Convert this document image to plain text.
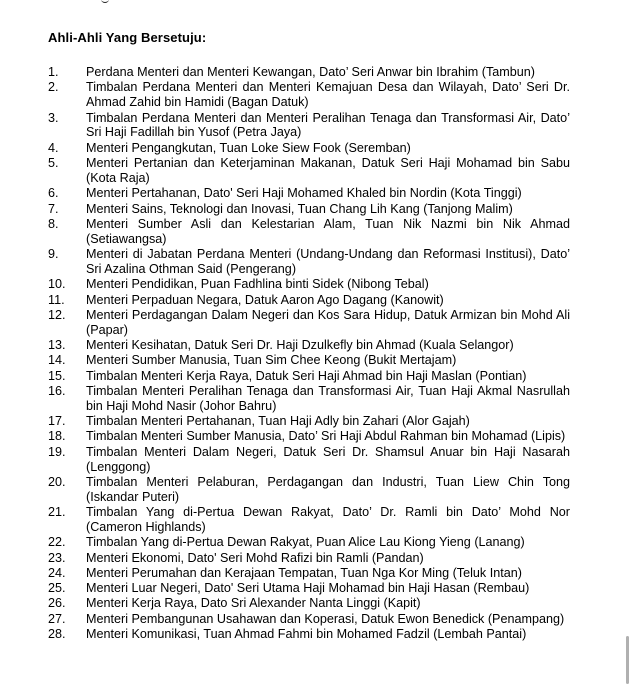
Ahli-Ahli Yang Bersetuju:
1.	Perdana Menteri dan Menteri Kewangan, Dato’ Seri Anwar bin Ibrahim (Tambun)
2.	Timbalan Perdana Menteri dan Menteri Kemajuan Desa dan Wilayah, Dato’ Seri Dr. Ahmad Zahid bin Hamidi (Bagan Datuk)
3.	Timbalan Perdana Menteri dan Menteri Peralihan Tenaga dan Transformasi Air, Dato’ Sri Haji Fadillah bin Yusof (Petra Jaya)
4.	Menteri Pengangkutan, Tuan Loke Siew Fook (Seremban)
5.	Menteri Pertanian dan Keterjaminan Makanan, Datuk Seri Haji Mohamad bin Sabu (Kota Raja)
6.	Menteri Pertahanan, Dato' Seri Haji Mohamed Khaled bin Nordin (Kota Tinggi)
7.	Menteri Sains, Teknologi dan Inovasi, Tuan Chang Lih Kang (Tanjong Malim)
8.	Menteri Sumber Asli dan Kelestarian Alam, Tuan Nik Nazmi bin Nik Ahmad (Setiawangsa)
9.	Menteri di Jabatan Perdana Menteri (Undang-Undang dan Reformasi Institusi), Dato’ Sri Azalina Othman Said (Pengerang)
10.	Menteri Pendidikan, Puan Fadhlina binti Sidek (Nibong Tebal)
11.	Menteri Perpaduan Negara, Datuk Aaron Ago Dagang (Kanowit)
12.	Menteri Perdagangan Dalam Negeri dan Kos Sara Hidup, Datuk Armizan bin Mohd Ali (Papar)
13.	Menteri Kesihatan, Datuk Seri Dr. Haji Dzulkefly bin Ahmad (Kuala Selangor)
14.	Menteri Sumber Manusia, Tuan Sim Chee Keong (Bukit Mertajam)
15.	Timbalan Menteri Kerja Raya, Datuk Seri Haji Ahmad bin Haji Maslan (Pontian)
16.	Timbalan Menteri Peralihan Tenaga dan Transformasi Air, Tuan Haji Akmal Nasrullah bin Haji Mohd Nasir (Johor Bahru)
17.	Timbalan Menteri Pertahanan, Tuan Haji Adly bin Zahari (Alor Gajah)
18.	Timbalan Menteri Sumber Manusia, Dato’ Sri Haji Abdul Rahman bin Mohamad (Lipis)
19.	Timbalan Menteri Dalam Negeri, Datuk Seri Dr. Shamsul Anuar bin Haji Nasarah (Lenggong)
20.	Timbalan Menteri Pelaburan, Perdagangan dan Industri, Tuan Liew Chin Tong (Iskandar Puteri)
21.	Timbalan Yang di-Pertua Dewan Rakyat, Dato’ Dr. Ramli bin Dato’ Mohd Nor (Cameron Highlands)
22.	Timbalan Yang di-Pertua Dewan Rakyat, Puan Alice Lau Kiong Yieng (Lanang)
23.	Menteri Ekonomi, Dato' Seri Mohd Rafizi bin Ramli (Pandan)
24.	Menteri Perumahan dan Kerajaan Tempatan, Tuan Nga Kor Ming (Teluk Intan)
25.	Menteri Luar Negeri, Dato' Seri Utama Haji Mohamad bin Haji Hasan (Rembau)
26.	Menteri Kerja Raya, Dato Sri Alexander Nanta Linggi (Kapit)
27.	Menteri Pembangunan Usahawan dan Koperasi, Datuk Ewon Benedick (Penampang)
28.	Menteri Komunikasi, Tuan Ahmad Fahmi bin Mohamed Fadzil (Lembah Pantai)
